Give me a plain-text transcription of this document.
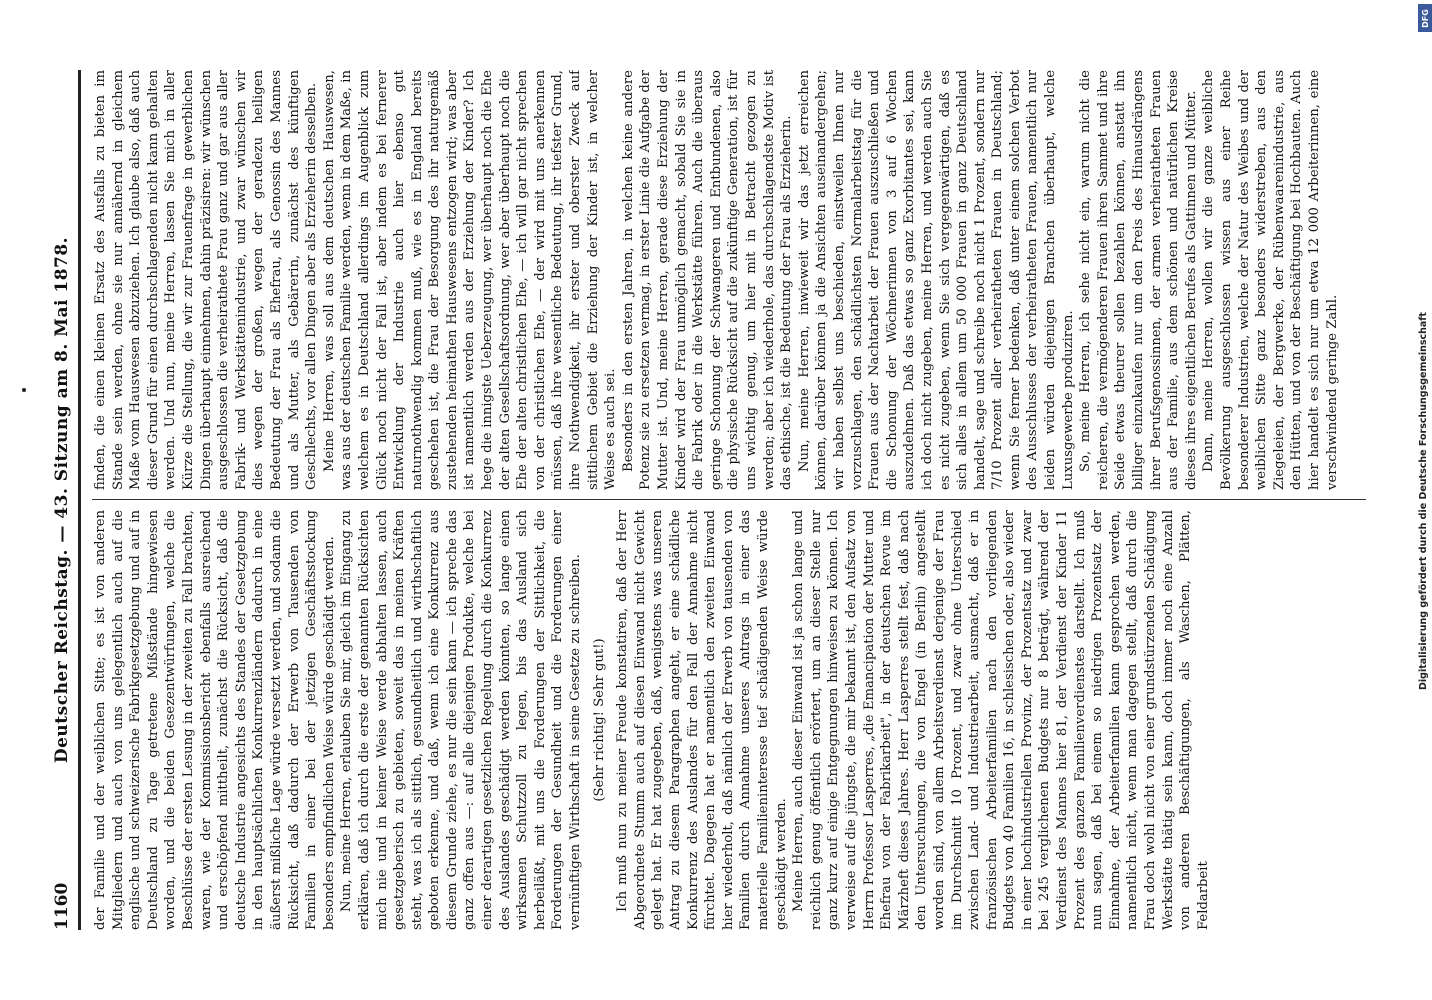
1160
Deutscher Reichstag. — 43. Sitzung am 8. Mai 1878. der Familie und der weiblichen Sitte; es ist von anderen Mitgliedern und auch von uns gelegentlich auch auf die englische und schweizerische Fabrikgesetzgebung und auf in Deutschland zu Tage getretene Mißstände hingewiesen worden, und die beiden Gesezentwürfungen, welche die Beschlüsse der ersten Lesung in der zweiten zu Fall brachten, waren, wie der Kommissionsbericht ebenfalls ausreichend und erschöpfend mittheilt, zunächst die Rücksicht, daß die deutsche Industrie angesichts des Standes der Gesetzgebung in den hauptsächlichen Konkurrenzländern dadurch in eine äußerst mißliche Lage würde versetzt werden, und sodann die Rücksicht, daß dadurch der Erwerb von Tausenden von Familien in einer bei der jetzigen Geschäftsstockung besonders empfindlichen Weise würde geschädigt werden. Nun, meine Herren, erlauben Sie mir, gleich im Eingang zu erklären, daß ich durch die erste der genannten Rücksichten mich nie und in keiner Weise werde abhalten lassen, auch gesetzgeberisch zu gebieten, soweit das in meinen Kräften steht, was ich als sittlich, gesundheitlich und wirthschaftlich geboten erkenne, und daß, wenn ich eine Konkurrenz aus diesem Grunde ziehe, es nur die sein kann — ich spreche das ganz offen aus —: auf alle diejenigen Produkte, welche bei einer derartigen gesetzlichen Regelung durch die Konkurrenz des Auslandes geschädigt werden könnten, so lange einen wirksamen Schutzzoll zu legen, bis das Ausland sich herbeiläßt, mit uns die Forderungen der Sittlichkeit, die Forderungen der Gesundheit und die Forderungen einer vernünftigen Wirthschaft in seine Gesetze zu schreiben. (Sehr richtig! Sehr gut!) Ich muß nun zu meiner Freude konstatiren, daß der Herr Abgeordnete Stumm auch auf diesen Einwand nicht Gewicht gelegt hat. Er hat zugegeben, daß, wenigstens was unseren Antrag zu diesem Paragraphen angeht, er eine schädliche Konkurrenz des Auslandes für den Fall der Annahme nicht fürchtet. Dagegen hat er namentlich den zweiten Einwand hier wiederholt, daß nämlich der Erwerb von tausenden von Familien durch Annahme unseres Antrags in einer das materielle Familieninteresse tief schädigenden Weise würde geschädigt werden. Meine Herren, auch dieser Einwand ist ja schon lange und reichlich genug öffentlich erörtert, um an dieser Stelle nur ganz kurz auf einige Entgegnungen hinweisen zu können. Ich verweise auf die jüngste, die mir bekannt ist, den Aufsatz von Herrn Professor Lasperres, „die Emancipation der Mutter und Ehefrau von der Fabrikarbeit", in der deutschen Revue im Märzheft dieses Jahres. Herr Lasperres stellt fest, daß nach den Untersuchungen, die von Engel (in Berlin) angestellt worden sind, von allem Arbeitsverdienst derjenige der Frau im Durchschnitt 10 Prozent, und zwar ohne Unterschied zwischen Land- und Industriearbeit, ausmacht, daß er in französischen Arbeiterfamilien nach den vorliegenden Budgets von 40 Familien 16, in schlesischen oder, also wieder in einer hochindustriellen Provinz, der Prozentsatz und zwar bei 245 verglichenen Budgets nur 8 beträgt, während der Verdienst des Mannes hier 81, der Verdienst der Kinder 11 Prozent des ganzen Familienverdienstes darstellt. Ich muß nun sagen, daß bei einem so niedrigen Prozentsatz der Einnahme, der Arbeiterfamilien kann gesprochen werden, namentlich nicht, wenn man dagegen stellt, daß durch die Frau doch wohl nicht von einer grundstürzenden Schädigung Werkstätte thätig sein kann, doch immer noch eine Anzahl von anderen Beschäftigungen, als Waschen, Plätten, Feldarbeit

finden, die einen kleinen Ersatz des Ausfalls zu bieten im Stande sein werden, ohne sie nur annähernd in gleichem Maße vom Hauswesen abzuziehen. Ich glaube also, daß auch dieser Grund für einen durchschlagenden nicht kann gehalten werden. Und nun, meine Herren, lassen Sie mich in aller Kürze die Stellung, die wir zur Frauenfrage in gewerblichen Dingen überhaupt einnehmen, dahin präzisiren: wir wünschen ausgeschlossen die verheirathete Frau ganz und gar aus aller Fabrik- und Werkstättenindustrie, und zwar wünschen wir dies wegen der großen, wegen der geradezu heiligen Bedeutung der Frau als Ehefrau, als Genossin des Mannes und als Mutter, als Gebärerin, zunächst des künftigen Geschlechts, vor allen Dingen aber als Erzieherin desselben. Meine Herren, was soll aus dem deutschen Hauswesen, was aus der deutschen Familie werden, wenn in dem Maße, in welchem es in Deutschland allerdings im Augenblick zum Glück noch nicht der Fall ist, aber indem es bei fernerer Entwicklung der Industrie auch hier ebenso gut naturnothwendig kommen muß, wie es in England bereits geschehen ist, die Frau der Besorgung des ihr naturgemäß zustehenden heimathen Hauswesens entzogen wird; was aber ist namentlich werden aus der Erziehung der Kinder? Ich hege die innigste Ueberzeugung, wer überhaupt noch die Ehe der alten Gesellschaftsordnung, wer aber überhaupt noch die Ehe der alten christlichen Ehe, — ich will gar nicht sprechen von der christlichen Ehe, — der wird mit uns anerkennen müssen, daß ihre wesentliche Bedeutung, ihr tiefster Grund, ihre Nothwendigkeit, ihr erster und oberster Zweck auf sittlichem Gebiet die Erziehung der Kinder ist, in welcher Weise es auch sei. Besonders in den ersten Jahren, in welchen keine andere Potenz sie zu ersetzen vermag, in erster Linie die Aufgabe der Mutter ist. Und, meine Herren, gerade diese Erziehung der Kinder wird der Frau unmöglich gemacht, sobald Sie sie in die Fabrik oder in die Werkstätte führen. Auch die überaus geringe Schonung der Schwangeren und Entbundenen, also die physische Rücksicht auf die zukünftige Generation, ist für uns wichtig genug, um hier mit in Betracht gezogen zu werden; aber ich wiederhole, das durchschlagendste Motiv ist das ethische, ist die Bedeutung der Frau als Erzieherin. Nun, meine Herren, inwieweit wir das jetzt erreichen können, darüber können ja die Ansichten auseinandergehen; wir haben selbst uns beschieden, einstweilen Ihnen nur vorzuschlagen, den schädlichsten Normalarbeitstag für die Frauen aus der Nachtarbeit der Frauen auszuschließen und die Schonung der Wöchnerinnen von 3 auf 6 Wochen auszudehnen. Daß das etwas so ganz Exorbitantes sei, kann ich doch nicht zugeben, meine Herren, und werden auch Sie es nicht zugeben, wenn Sie sich vergegenwärtigen, daß es sich alles in allem um 50 000 Frauen in ganz Deutschland handelt, sage und schreibe noch nicht 1 Prozent, sondern nur 7/10 Prozent aller verheiratheten Frauen in Deutschland; wenn Sie ferner bedenken, daß unter einem solchen Verbot des Ausschlusses der verheiratheten Frauen, namentlich nur leiden würden diejenigen Branchen überhaupt, welche Luxusgewerbe produziren. So, meine Herren, ich sehe nicht ein, warum nicht die reicheren, die vermögenderen Frauen ihren Sammet und ihre Seide etwas theurer sollen bezahlen können, anstatt ihn billiger einzukaufen nur um den Preis des Hinausdrängens ihrer Berufsgenossinnen, der armen verheiratheten Frauen aus der Familie, aus dem schönen und natürlichen Kreise dieses ihres eigentlichen Berufes als Gattinnen und Mütter. Dann, meine Herren, wollen wir die ganze weibliche Bevölkerung ausgeschlossen wissen aus einer Reihe besonderer Industrien, welche der Natur des Weibes und der weiblichen Sitte ganz besonders widerstreben, aus den Ziegeleien, der Bergwerke, der Rübenwaarenindustrie, aus den Hütten, und von der Beschäftigung bei Hochbauten. Auch hier handelt es sich nur um etwa 12 000 Arbeiterinnen, eine verschwindend geringe Zahl.

DFG
Digitalisierung gefördert durch die Deutsche Forschungsgemeinschaft
